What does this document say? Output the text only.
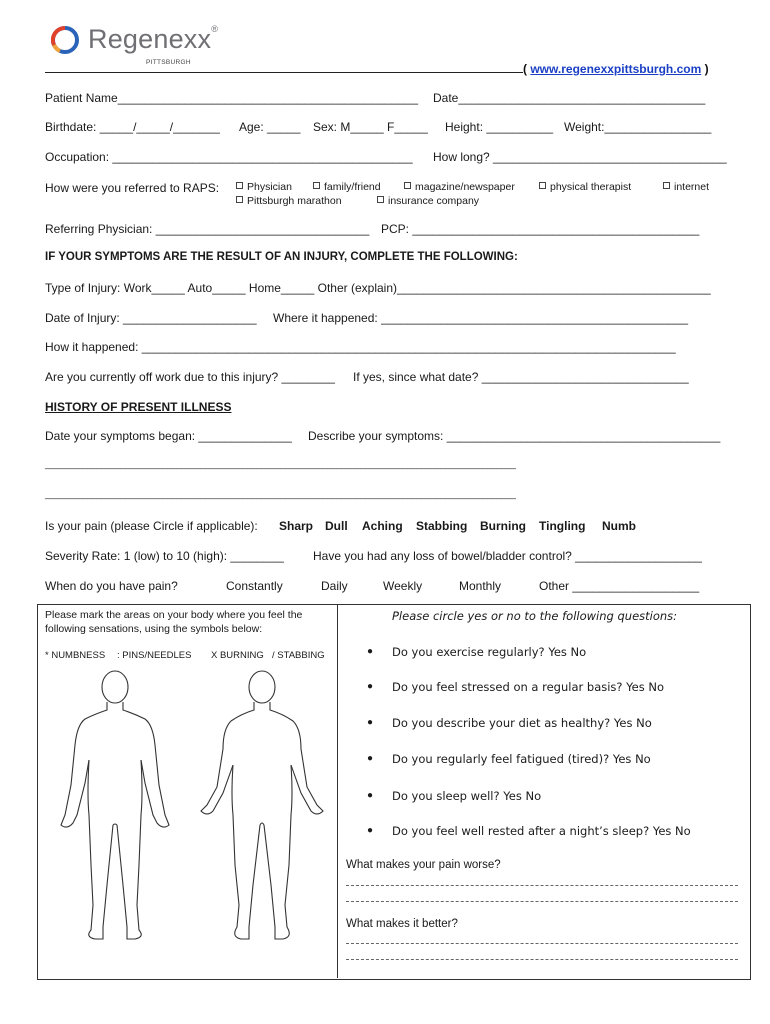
Regenexx®
PITTSBURGH	( www.regenexxpittsburgh.com )
Patient Name_____________________________________________ Date_____________________________________
Birthdate: _____/_____/_______ Age: _____ Sex: M_____ F_____ Height: __________ Weight:________________
Occupation: _____________________________________________ How long? ___________________________________
How were you referred to RAPS:	Physician	family/friend	magazine/newspaper	physical therapist	internet
Pittsburgh marathon	insurance company
Referring Physician: ________________________________ PCP: ___________________________________________
IF YOUR SYMPTOMS ARE THE RESULT OF AN INJURY, COMPLETE THE FOLLOWING:
Type of Injury: Work_____ Auto_____ Home_____ Other (explain)_______________________________________________
Date of Injury: ____________________ Where it happened: ______________________________________________
How it happened: ________________________________________________________________________________
Are you currently off work due to this injury? ________ If yes, since what date? _______________________________
HISTORY OF PRESENT ILLNESS
Date your symptoms began: ______________ Describe your symptoms: _________________________________________
____________________________________________________________________________________________________
____________________________________________________________________________________________________
Is your pain (please Circle if applicable): Sharp Dull Aching Stabbing Burning Tingling Numb
Severity Rate: 1 (low) to 10 (high): ________ Have you had any loss of bowel/bladder control? ___________________
When do you have pain?	Constantly	Daily	Weekly	Monthly	Other ___________________
Please mark the areas on your body where you feel the
following sensations, using the symbols below:
* NUMBNESS : PINS/NEEDLES X BURNING / STABBING
Please circle yes or no to the following questions:
● Do you exercise regularly? Yes No
● Do you feel stressed on a regular basis? Yes No
● Do you describe your diet as healthy? Yes No
● Do you regularly feel fatigued (tired)? Yes No
● Do you sleep well? Yes No
● Do you feel well rested after a night’s sleep? Yes No
What makes your pain worse?
What makes it better?
